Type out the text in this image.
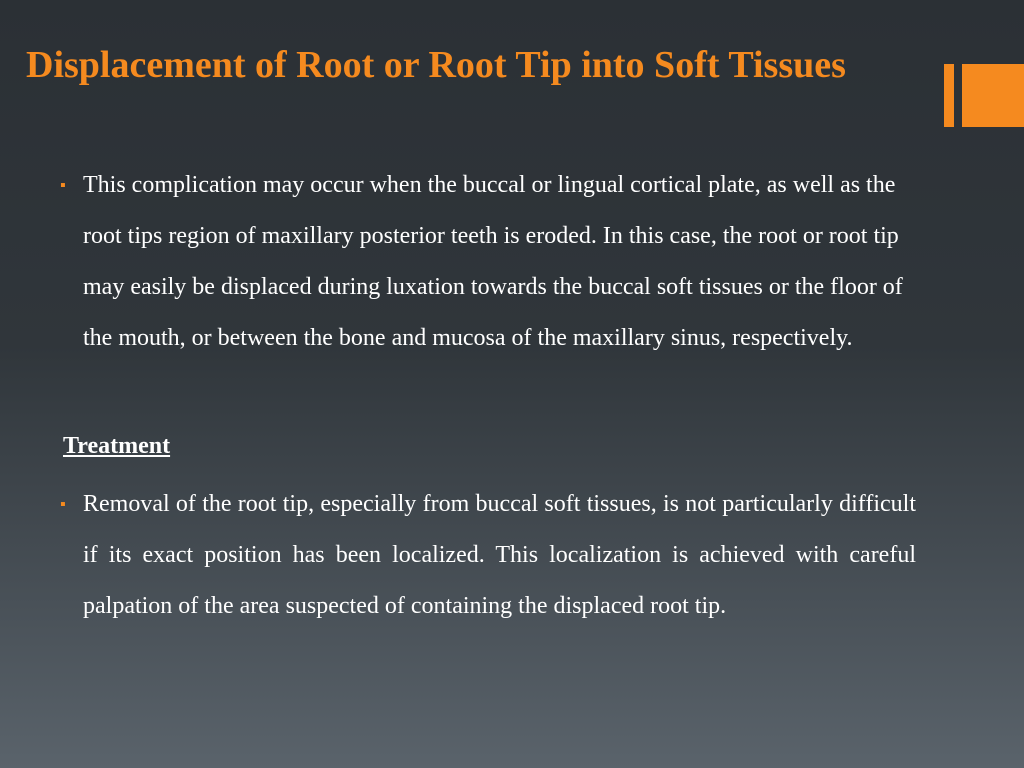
Displacement of Root or Root Tip into Soft Tissues
▪ This complication may occur when the buccal or lingual cortical plate, as well as the root tips region of maxillary posterior teeth is eroded. In this case, the root or root tip may easily be displaced during luxation towards the buccal soft tissues or the floor of the mouth, or between the bone and mucosa of the maxillary sinus, respectively.

Treatment
▪ Removal of the root tip, especially from buccal soft tissues, is not particularly difficult if its exact position has been localized. This localization is achieved with careful palpation of the area suspected of containing the displaced root tip.
